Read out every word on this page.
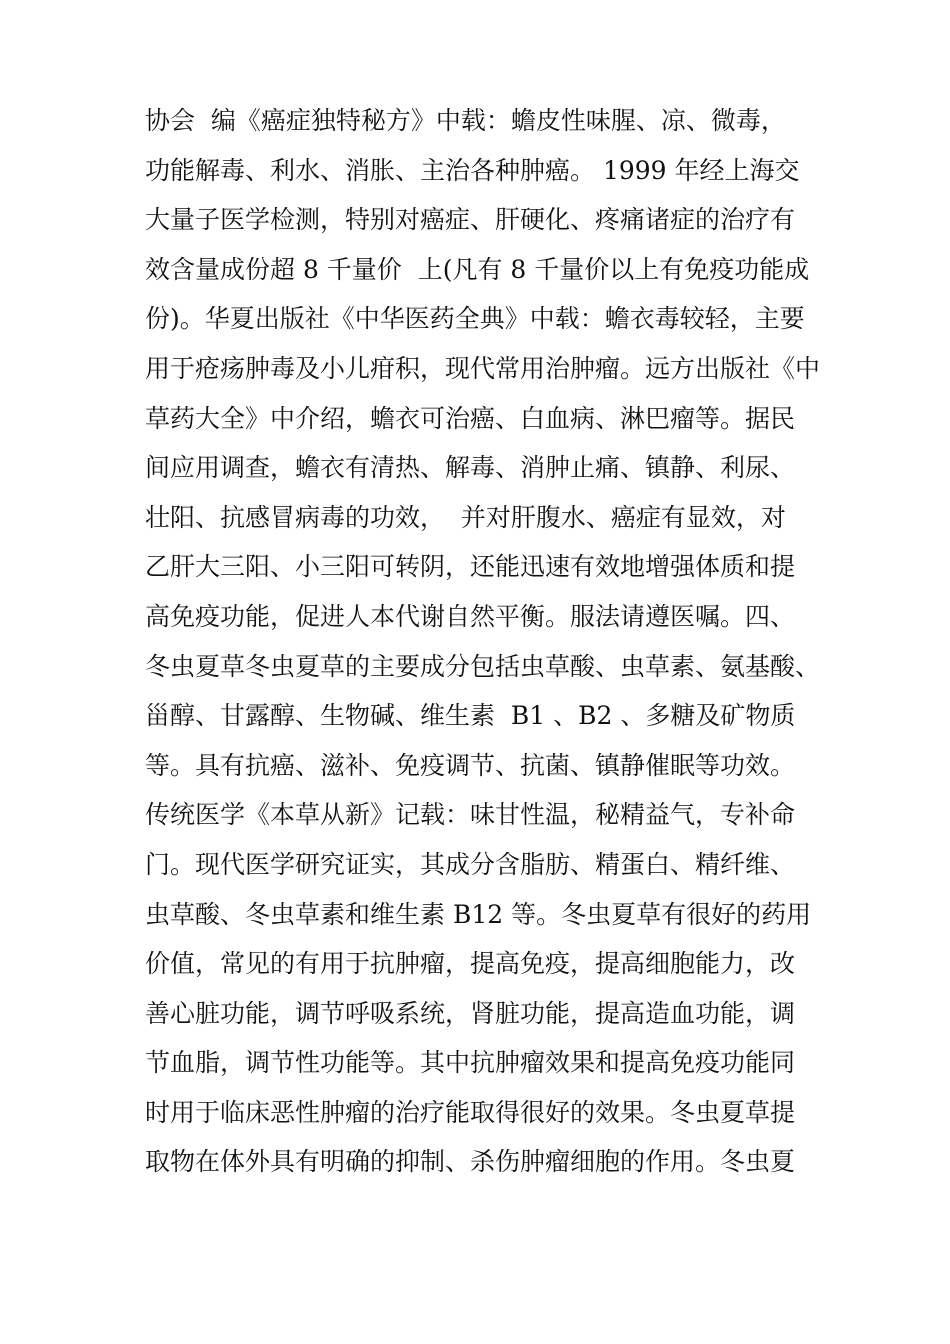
协会  编《癌症独特秘方》中载：蟾皮性味腥、凉、微毒，
功能解毒、利水、消胀、主治各种肿癌。 1999 年经上海交
大量子医学检测，特别对癌症、肝硬化、疼痛诸症的治疗有
效含量成份超 8 千量价  上(凡有 8 千量价以上有免疫功能成
份)。华夏出版社《中华医药全典》中载：蟾衣毒较轻，主要
用于疮疡肿毒及小儿疳积，现代常用治肿瘤。远方出版社《中
草药大全》中介绍，蟾衣可治癌、白血病、淋巴瘤等。据民
间应用调查，蟾衣有清热、解毒、消肿止痛、镇静、利尿、
壮阳、抗感冒病毒的功效，  并对肝腹水、癌症有显效，对
乙肝大三阳、小三阳可转阴，还能迅速有效地增强体质和提
高免疫功能，促进人本代谢自然平衡。服法请遵医嘱。四、
冬虫夏草冬虫夏草的主要成分包括虫草酸、虫草素、氨基酸、
甾醇、甘露醇、生物碱、维生素  B1 、B2 、多糖及矿物质
等。具有抗癌、滋补、免疫调节、抗菌、镇静催眠等功效。
传统医学《本草从新》记载：味甘性温，秘精益气，专补命
门。现代医学研究证实，其成分含脂肪、精蛋白、精纤维、
虫草酸、冬虫草素和维生素 B12 等。冬虫夏草有很好的药用
价值，常见的有用于抗肿瘤，提高免疫，提高细胞能力，改
善心脏功能，调节呼吸系统，肾脏功能，提高造血功能，调
节血脂，调节性功能等。其中抗肿瘤效果和提高免疫功能同
时用于临床恶性肿瘤的治疗能取得很好的效果。冬虫夏草提
取物在体外具有明确的抑制、杀伤肿瘤细胞的作用。冬虫夏
